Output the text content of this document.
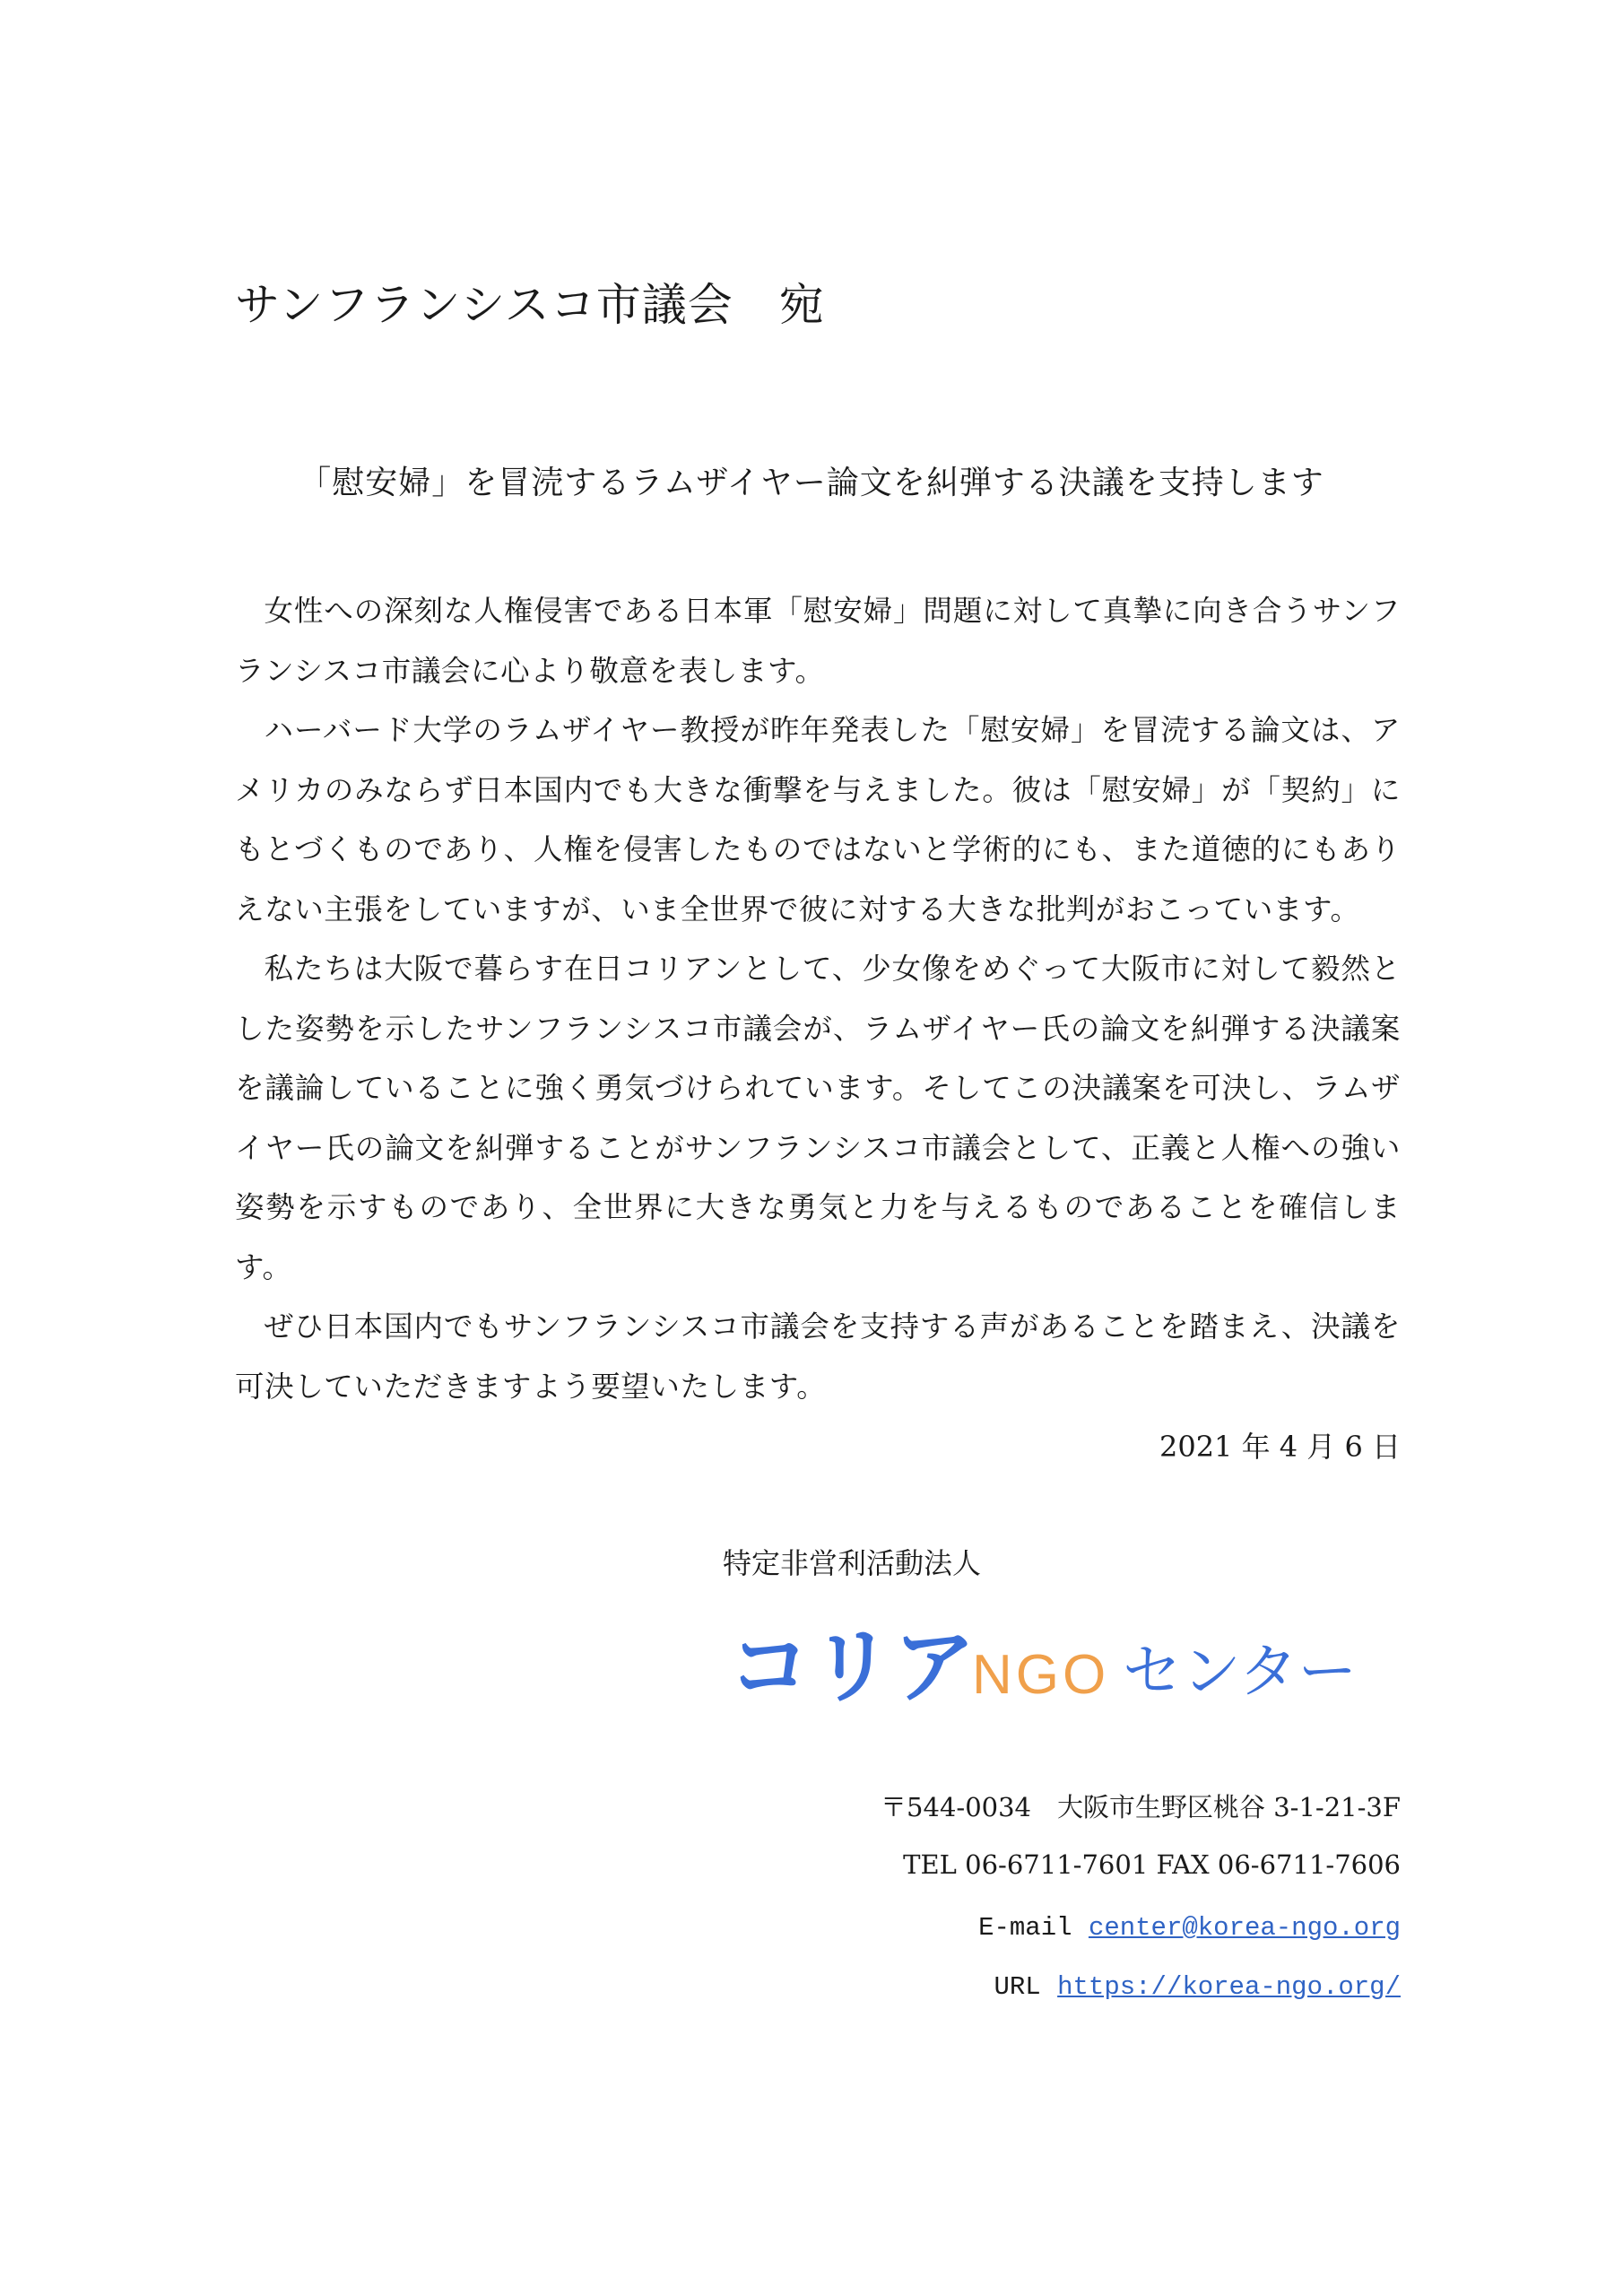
サンフランシスコ市議会　宛
「慰安婦」を冒涜するラムザイヤー論文を糾弾する決議を支持します

女性への深刻な人権侵害である日本軍「慰安婦」問題に対して真摯に向き合うサンフランシスコ市議会に心より敬意を表します。

ハーバード大学のラムザイヤー教授が昨年発表した「慰安婦」を冒涜する論文は、アメリカのみならず日本国内でも大きな衝撃を与えました。彼は「慰安婦」が「契約」にもとづくものであり、人権を侵害したものではないと学術的にも、また道徳的にもありえない主張をしていますが、いま全世界で彼に対する大きな批判がおこっています。

私たちは大阪で暮らす在日コリアンとして、少女像をめぐって大阪市に対して毅然とした姿勢を示したサンフランシスコ市議会が、ラムザイヤー氏の論文を糾弾する決議案を議論していることに強く勇気づけられています。そしてこの決議案を可決し、ラムザイヤー氏の論文を糾弾することがサンフランシスコ市議会として、正義と人権への強い姿勢を示すものであり、全世界に大きな勇気と力を与えるものであることを確信します。

ぜひ日本国内でもサンフランシスコ市議会を支持する声があることを踏まえ、決議を可決していただきますよう要望いたします。

2021 年 4 月 6 日
特定非営利活動法人
コリア
NGO センター
〒544-0034　大阪市生野区桃谷 3-1-21-3F
TEL 06-6711-7601 FAX 06-6711-7606
E-mail center@korea-ngo.org
URL https://korea-ngo.org/
